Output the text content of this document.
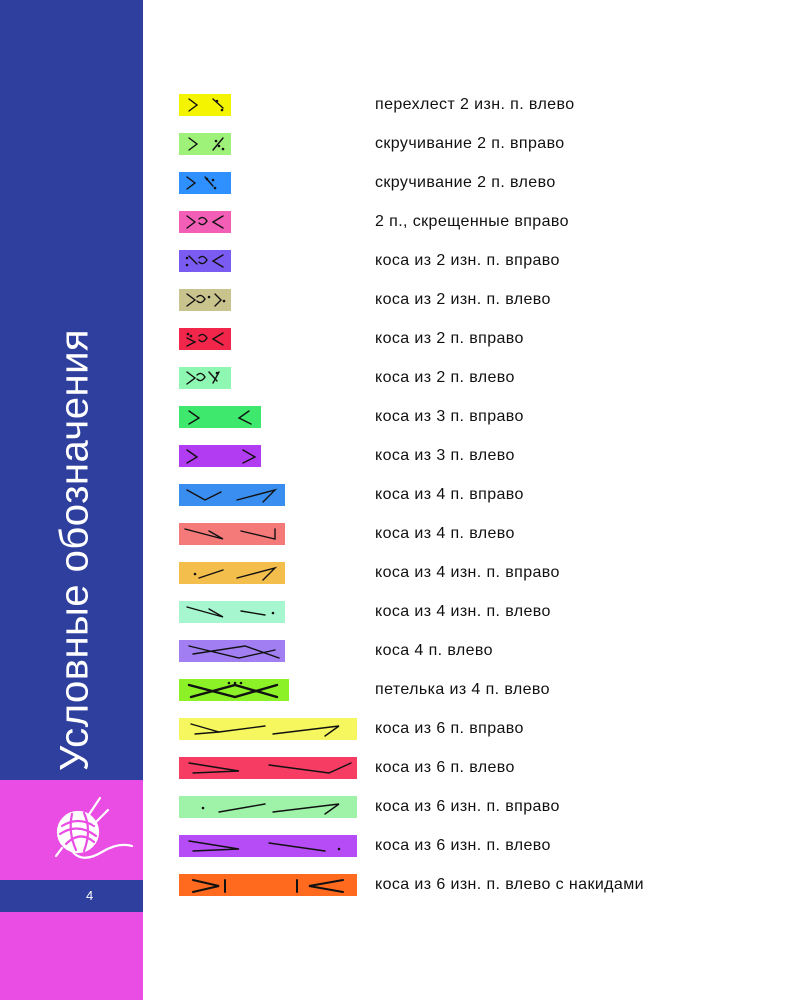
Условные обозначения
4
перехлест 2 изн. п. влево
скручивание 2 п. вправо
скручивание 2 п. влево
2 п., скрещенные вправо
коса из 2 изн. п. вправо
коса из 2 изн. п. влево
коса из 2 п. вправо
коса из 2 п. влево
коса из 3 п. вправо
коса из 3 п. влево
коса из 4 п. вправо
коса из 4 п. влево
коса из 4 изн. п. вправо
коса из 4 изн. п. влево
коса 4 п. влево
петелька из 4 п. влево
коса из 6 п. вправо
коса из 6 п. влево
коса из 6 изн. п. вправо
коса из 6 изн. п. влево
коса из 6 изн. п. влево с накидами
